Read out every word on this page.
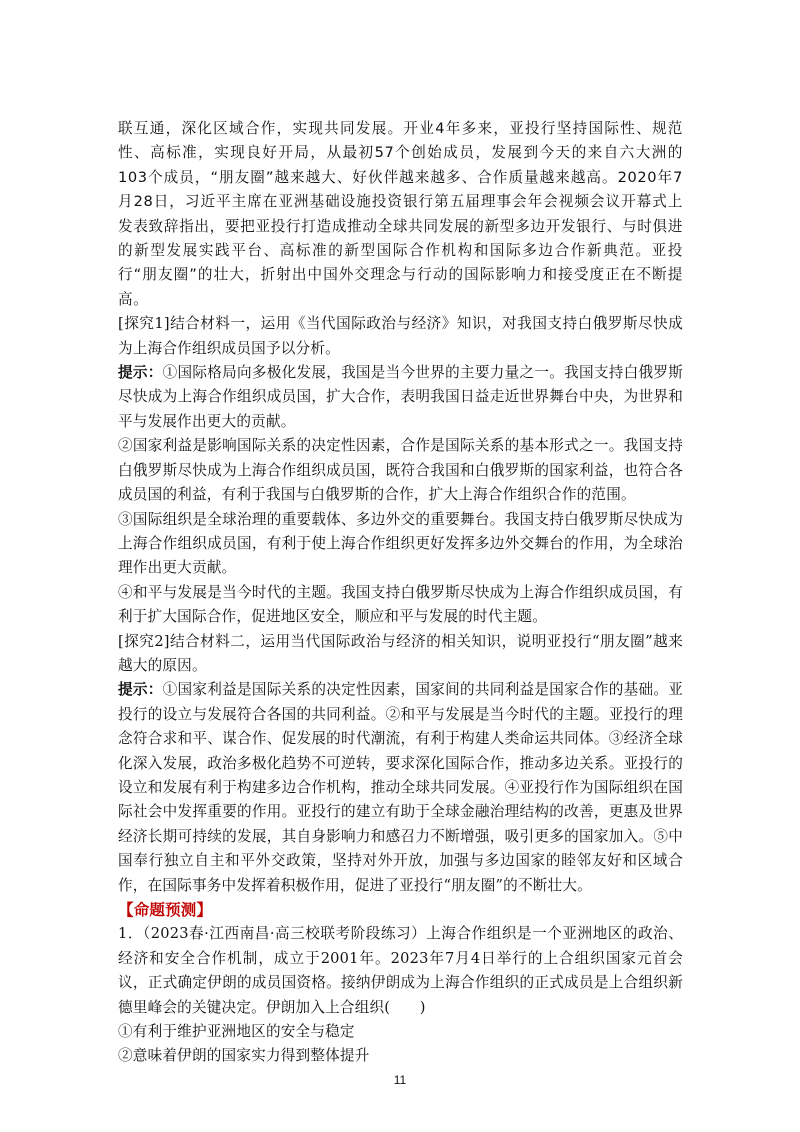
联互通，深化区域合作，实现共同发展。开业4年多来，亚投行坚持国际性、规范性、高标准，实现良好开局，从最初57个创始成员，发展到今天的来自六大洲的103个成员，“朋友圈”越来越大、好伙伴越来越多、合作质量越来越高。2020年7月28日，习近平主席在亚洲基础设施投资银行第五届理事会年会视频会议开幕式上发表致辞指出，要把亚投行打造成推动全球共同发展的新型多边开发银行、与时俱进的新型发展实践平台、高标准的新型国际合作机构和国际多边合作新典范。亚投行“朋友圈”的壮大，折射出中国外交理念与行动的国际影响力和接受度正在不断提高。

[探究1]结合材料一，运用《当代国际政治与经济》知识，对我国支持白俄罗斯尽快成为上海合作组织成员国予以分析。

提示：①国际格局向多极化发展，我国是当今世界的主要力量之一。我国支持白俄罗斯尽快成为上海合作组织成员国，扩大合作，表明我国日益走近世界舞台中央，为世界和平与发展作出更大的贡献。

②国家利益是影响国际关系的决定性因素，合作是国际关系的基本形式之一。我国支持白俄罗斯尽快成为上海合作组织成员国，既符合我国和白俄罗斯的国家利益，也符合各成员国的利益，有利于我国与白俄罗斯的合作，扩大上海合作组织合作的范围。

③国际组织是全球治理的重要载体、多边外交的重要舞台。我国支持白俄罗斯尽快成为上海合作组织成员国，有利于使上海合作组织更好发挥多边外交舞台的作用，为全球治理作出更大贡献。

④和平与发展是当今时代的主题。我国支持白俄罗斯尽快成为上海合作组织成员国，有利于扩大国际合作，促进地区安全，顺应和平与发展的时代主题。

[探究2]结合材料二，运用当代国际政治与经济的相关知识，说明亚投行“朋友圈”越来越大的原因。

提示：①国家利益是国际关系的决定性因素，国家间的共同利益是国家合作的基础。亚投行的设立与发展符合各国的共同利益。②和平与发展是当今时代的主题。亚投行的理念符合求和平、谋合作、促发展的时代潮流，有利于构建人类命运共同体。③经济全球化深入发展，政治多极化趋势不可逆转，要求深化国际合作，推动多边关系。亚投行的设立和发展有利于构建多边合作机构，推动全球共同发展。④亚投行作为国际组织在国际社会中发挥重要的作用。亚投行的建立有助于全球金融治理结构的改善，更惠及世界经济长期可持续的发展，其自身影响力和感召力不断增强，吸引更多的国家加入。⑤中国奉行独立自主和平外交政策，坚持对外开放，加强与多边国家的睦邻友好和区域合作，在国际事务中发挥着积极作用，促进了亚投行“朋友圈”的不断壮大。

【命题预测】

1．（2023春·江西南昌·高三校联考阶段练习）上海合作组织是一个亚洲地区的政治、经济和安全合作机制，成立于2001年。2023年7月4日举行的上合组织国家元首会议，正式确定伊朗的成员国资格。接纳伊朗成为上海合作组织的正式成员是上合组织新德里峰会的关键决定。伊朗加入上合组织(　　)

①有利于维护亚洲地区的安全与稳定

②意味着伊朗的国家实力得到整体提升

11
